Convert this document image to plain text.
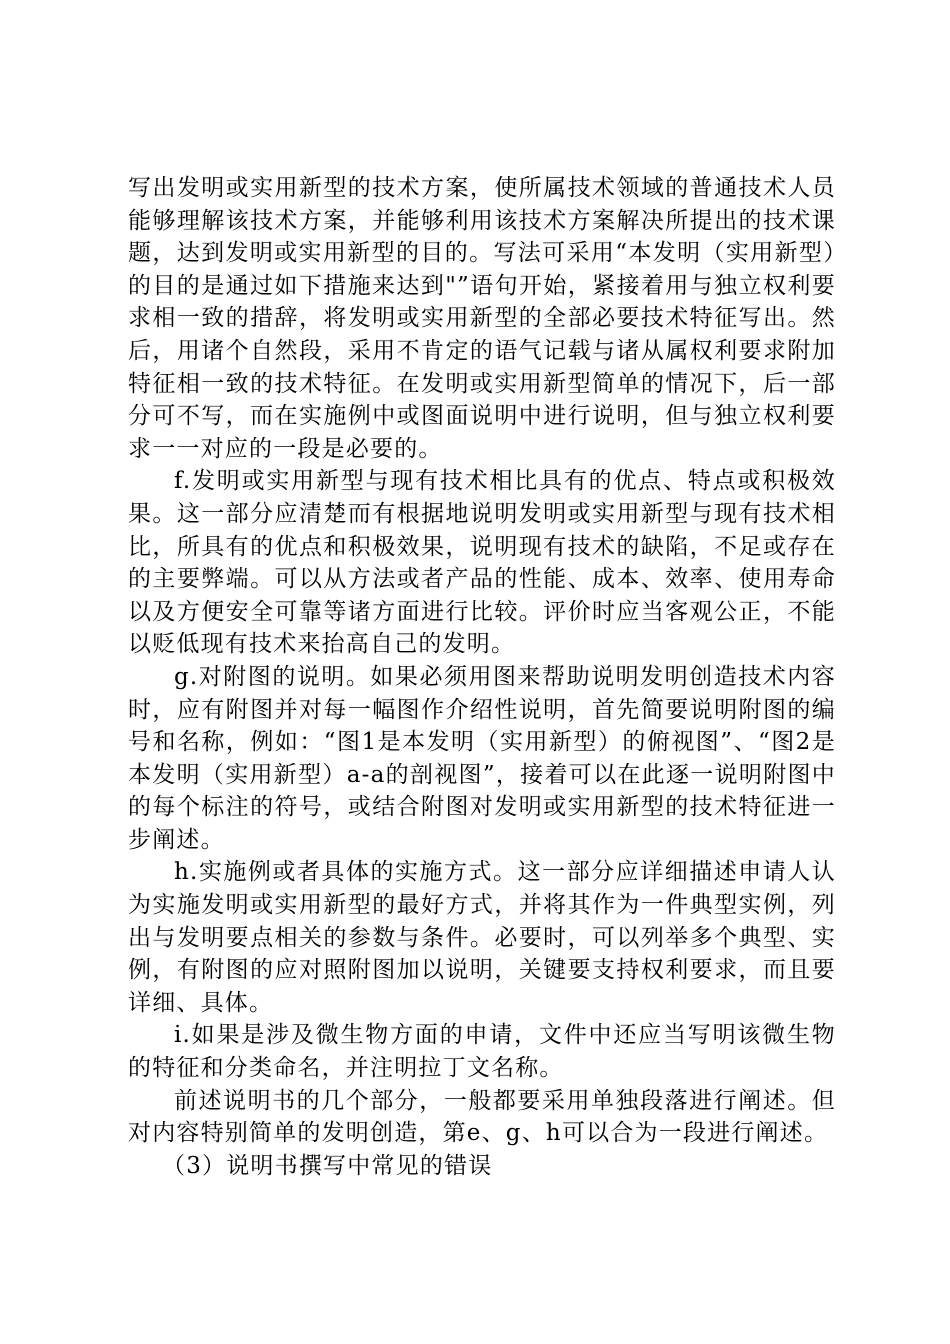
写出发明或实用新型的技术方案，使所属技术领域的普通技术人员能够理解该技术方案，并能够利用该技术方案解决所提出的技术课题，达到发明或实用新型的目的。写法可采用“本发明（实用新型）的目的是通过如下措施来达到"”语句开始，紧接着用与独立权利要求相一致的措辞，将发明或实用新型的全部必要技术特征写出。然后，用诸个自然段，采用不肯定的语气记载与诸从属权利要求附加特征相一致的技术特征。在发明或实用新型简单的情况下，后一部分可不写，而在实施例中或图面说明中进行说明，但与独立权利要求一一对应的一段是必要的。

f.发明或实用新型与现有技术相比具有的优点、特点或积极效果。这一部分应清楚而有根据地说明发明或实用新型与现有技术相比，所具有的优点和积极效果，说明现有技术的缺陷，不足或存在的主要弊端。可以从方法或者产品的性能、成本、效率、使用寿命以及方便安全可靠等诸方面进行比较。评价时应当客观公正，不能以贬低现有技术来抬高自己的发明。

g.对附图的说明。如果必须用图来帮助说明发明创造技术内容时，应有附图并对每一幅图作介绍性说明，首先简要说明附图的编号和名称，例如：“图1是本发明（实用新型）的俯视图”、“图2是本发明（实用新型）a-a的剖视图”，接着可以在此逐一说明附图中的每个标注的符号，或结合附图对发明或实用新型的技术特征进一步阐述。

h.实施例或者具体的实施方式。这一部分应详细描述申请人认为实施发明或实用新型的最好方式，并将其作为一件典型实例，列出与发明要点相关的参数与条件。必要时，可以列举多个典型、实例，有附图的应对照附图加以说明，关键要支持权利要求，而且要详细、具体。

i.如果是涉及微生物方面的申请，文件中还应当写明该微生物的特征和分类命名，并注明拉丁文名称。

前述说明书的几个部分，一般都要采用单独段落进行阐述。但对内容特别简单的发明创造，第e、g、h可以合为一段进行阐述。

（3）说明书撰写中常见的错误
